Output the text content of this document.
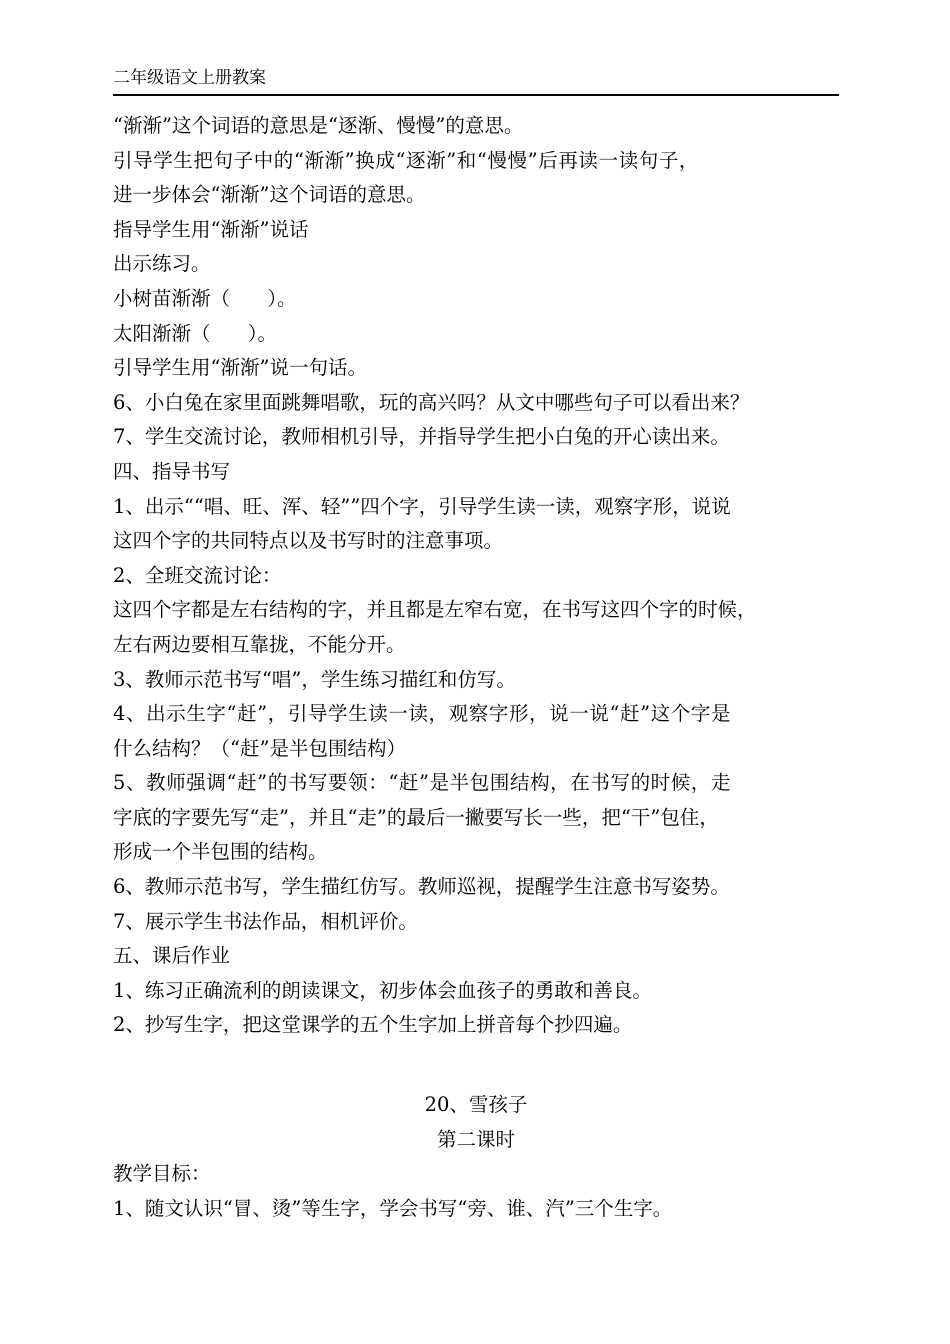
二年级语文上册教案
“渐渐”这个词语的意思是“逐渐、慢慢”的意思。
引导学生把句子中的“渐渐”换成“逐渐”和“慢慢”后再读一读句子，
进一步体会“渐渐”这个词语的意思。
指导学生用“渐渐”说话
出示练习。
小树苗渐渐（      ）。
太阳渐渐（      ）。
引导学生用“渐渐”说一句话。
6、小白兔在家里面跳舞唱歌，玩的高兴吗？从文中哪些句子可以看出来？
7、学生交流讨论，教师相机引导，并指导学生把小白兔的开心读出来。
四、指导书写
1、出示““唱、旺、浑、轻””四个字，引导学生读一读，观察字形，说说
这四个字的共同特点以及书写时的注意事项。
2、全班交流讨论：
这四个字都是左右结构的字，并且都是左窄右宽，在书写这四个字的时候，
左右两边要相互靠拢，不能分开。
3、教师示范书写“唱”，学生练习描红和仿写。
4、出示生字“赶”，引导学生读一读，观察字形，说一说“赶”这个字是
什么结构？（“赶”是半包围结构）
5、教师强调“赶”的书写要领：“赶”是半包围结构，在书写的时候，走
字底的字要先写“走”，并且“走”的最后一撇要写长一些，把“干”包住，
形成一个半包围的结构。
6、教师示范书写，学生描红仿写。教师巡视，提醒学生注意书写姿势。
7、展示学生书法作品，相机评价。
五、课后作业
1、练习正确流利的朗读课文，初步体会血孩子的勇敢和善良。
2、抄写生字，把这堂课学的五个生字加上拼音每个抄四遍。
20、雪孩子
第二课时
教学目标：
1、随文认识“冒、烫”等生字，学会书写“旁、谁、汽”三个生字。
